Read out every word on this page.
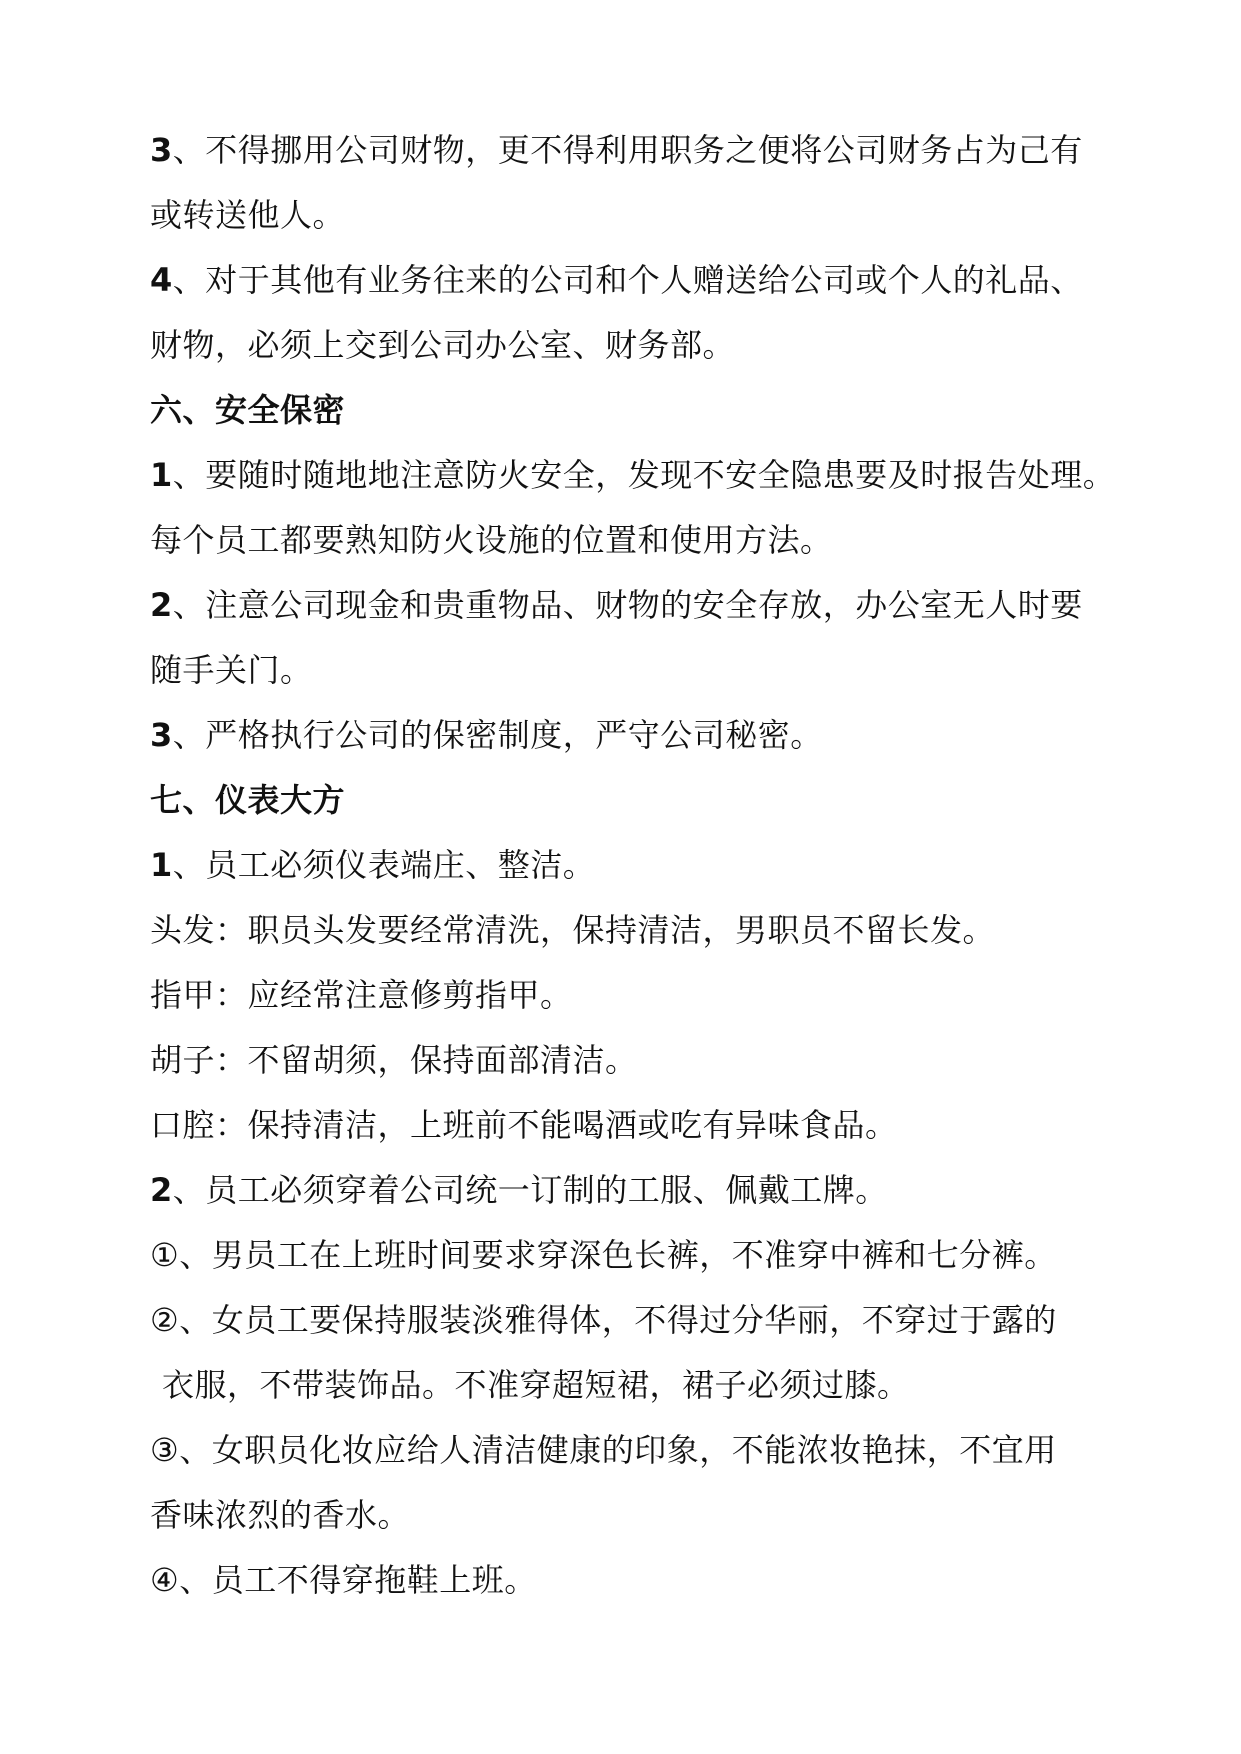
3、不得挪用公司财物，更不得利用职务之便将公司财务占为己有
或转送他人。
4、对于其他有业务往来的公司和个人赠送给公司或个人的礼品、
财物，必须上交到公司办公室、财务部。
六、安全保密
1、要随时随地地注意防火安全，发现不安全隐患要及时报告处理。
每个员工都要熟知防火设施的位置和使用方法。
2、注意公司现金和贵重物品、财物的安全存放，办公室无人时要
随手关门。
3、严格执行公司的保密制度，严守公司秘密。
七、仪表大方
1、员工必须仪表端庄、整洁。
头发：职员头发要经常清洗，保持清洁，男职员不留长发。
指甲：应经常注意修剪指甲。
胡子：不留胡须，保持面部清洁。
口腔：保持清洁，上班前不能喝酒或吃有异味食品。
2、员工必须穿着公司统一订制的工服、佩戴工牌。
①、男员工在上班时间要求穿深色长裤，不准穿中裤和七分裤。
②、女员工要保持服装淡雅得体，不得过分华丽，不穿过于露的
衣服，不带装饰品。不准穿超短裙，裙子必须过膝。
③、女职员化妆应给人清洁健康的印象，不能浓妆艳抹，不宜用
香味浓烈的香水。
④、员工不得穿拖鞋上班。
